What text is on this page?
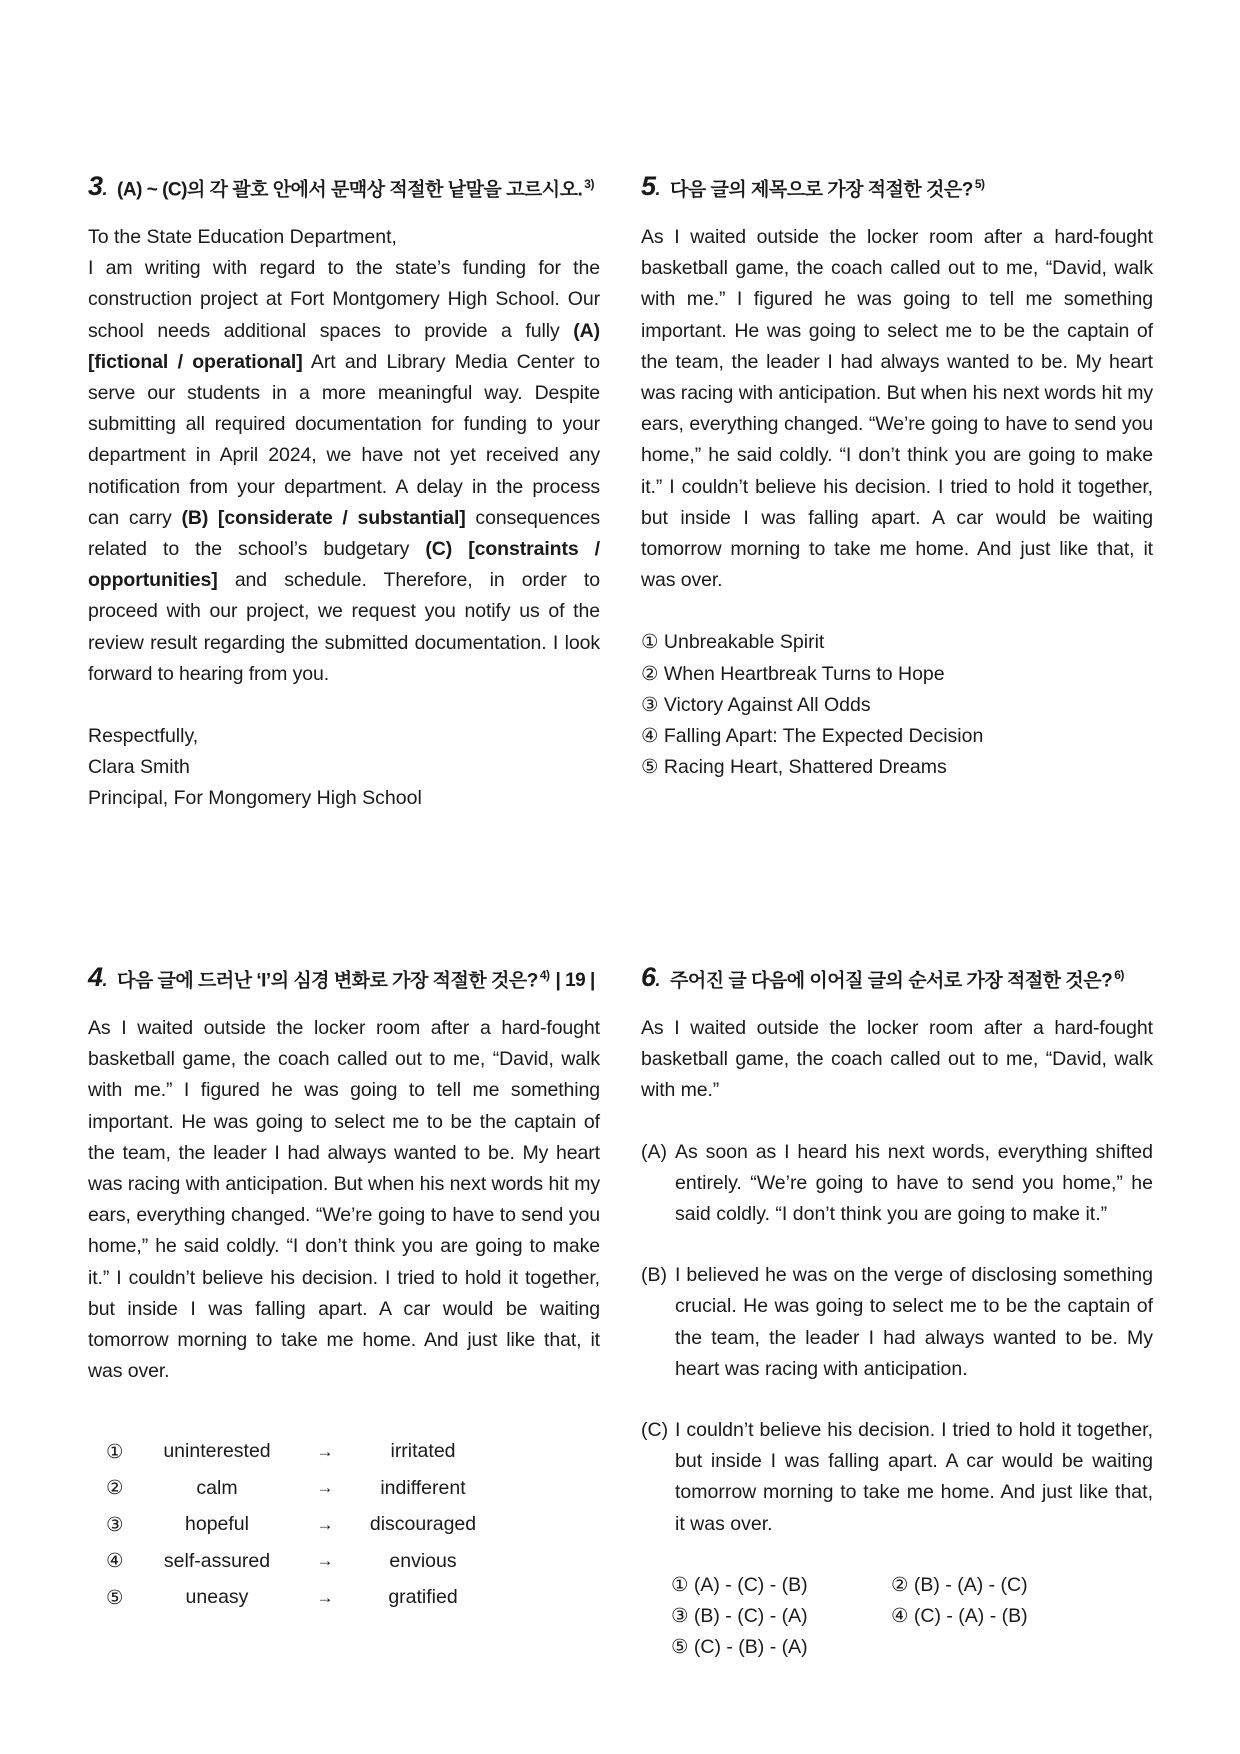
3. (A) ~ (C)의 각 괄호 안에서 문맥상 적절한 낱말을 고르시오. $^{3)}$
To the State Education Department,

I am writing with regard to the state’s funding for the construction project at Fort Montgomery High School. Our school needs additional spaces to provide a fully (A) [fictional / operational] Art and Library Media Center to serve our students in a more meaningful way. Despite submitting all required documentation for funding to your department in April 2024, we have not yet received any notification from your department. A delay in the process can carry (B) [considerate / substantial] consequences related to the school’s budgetary (C) [constraints / opportunities] and schedule. Therefore, in order to proceed with our project, we request you notify us of the review result regarding the submitted documentation. I look forward to hearing from you.

Respectfully,
Clara Smith
Principal, For Mongomery High School
5. 다음 글의 제목으로 가장 적절한 것은? $^{5)}$

As I waited outside the locker room after a hard-fought basketball game, the coach called out to me, “David, walk with me.” I figured he was going to tell me something important. He was going to select me to be the captain of the team, the leader I had always wanted to be. My heart was racing with anticipation. But when his next words hit my ears, everything changed. “We’re going to have to send you home,” he said coldly. “I don’t think you are going to make it.” I couldn’t believe his decision. I tried to hold it together, but inside I was falling apart. A car would be waiting tomorrow morning to take me home. And just like that, it was over.

① Unbreakable Spirit
② When Heartbreak Turns to Hope
③ Victory Against All Odds
④ Falling Apart: The Expected Decision
⑤ Racing Heart, Shattered Dreams
4. 다음 글에 드러난 ‘I’의 심경 변화로 가장 적절한 것은? $^{4)}$ | 19 |

As I waited outside the locker room after a hard-fought basketball game, the coach called out to me, “David, walk with me.” I figured he was going to tell me something important. He was going to select me to be the captain of the team, the leader I had always wanted to be. My heart was racing with anticipation. But when his next words hit my ears, everything changed. “We’re going to have to send you home,” he said coldly. “I don’t think you are going to make it.” I couldn’t believe his decision. I tried to hold it together, but inside I was falling apart. A car would be waiting tomorrow morning to take me home. And just like that, it was over.

①	uninterested	→	irritated
②	calm	→	indifferent
③	hopeful	→	discouraged
④	self-assured	→	envious
⑤	uneasy	→	gratified
6. 주어진 글 다음에 이어질 글의 순서로 가장 적절한 것은? $^{6)}$

As I waited outside the locker room after a hard-fought basketball game, the coach called out to me, “David, walk with me.”

(A) As soon as I heard his next words, everything shifted entirely. “We’re going to have to send you home,” he said coldly. “I don’t think you are going to make it.”
(B) I believed he was on the verge of disclosing something crucial. He was going to select me to be the captain of the team, the leader I had always wanted to be. My heart was racing with anticipation.
(C) I couldn’t believe his decision. I tried to hold it together, but inside I was falling apart. A car would be waiting tomorrow morning to take me home. And just like that, it was over.
① (A) - (C) - (B)	② (B) - (A) - (C)
③ (B) - (C) - (A)	④ (C) - (A) - (B)
⑤ (C) - (B) - (A)
